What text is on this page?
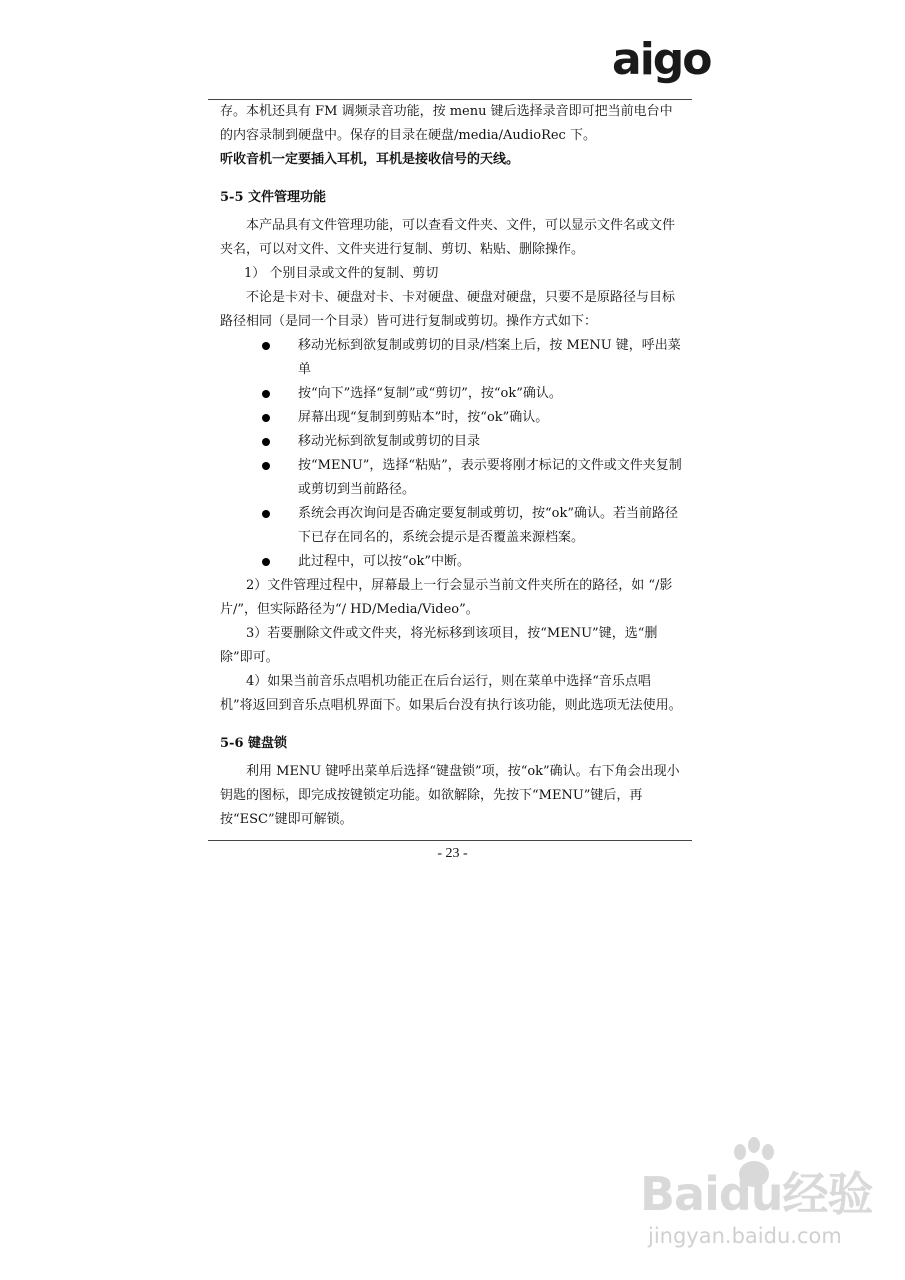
aigo

存。本机还具有 FM 调频录音功能，按 menu 键后选择录音即可把当前电台中的内容录制到硬盘中。保存的目录在硬盘/media/AudioRec 下。

听收音机一定要插入耳机，耳机是接收信号的天线。

5-5 文件管理功能

本产品具有文件管理功能，可以查看文件夹、文件，可以显示文件名或文件夹名，可以对文件、文件夹进行复制、剪切、粘贴、删除操作。

1） 个别目录或文件的复制、剪切

不论是卡对卡、硬盘对卡、卡对硬盘、硬盘对硬盘，只要不是原路径与目标路径相同（是同一个目录）皆可进行复制或剪切。操作方式如下：

移动光标到欲复制或剪切的目录/档案上后，按 MENU 键，呼出菜单
按“向下”选择“复制”或“剪切”，按“ok”确认。
屏幕出现“复制到剪贴本”时，按“ok”确认。
移动光标到欲复制或剪切的目录
按“MENU”，选择“粘贴”，表示要将刚才标记的文件或文件夹复制或剪切到当前路径。
系统会再次询问是否确定要复制或剪切，按“ok”确认。若当前路径下已存在同名的，系统会提示是否覆盖来源档案。
此过程中，可以按“ok”中断。

2）文件管理过程中，屏幕最上一行会显示当前文件夹所在的路径，如 “/影片/”，但实际路径为“/ HD/Media/Video”。

3）若要删除文件或文件夹，将光标移到该项目，按“MENU”键，选“删除”即可。

4）如果当前音乐点唱机功能正在后台运行，则在菜单中选择“音乐点唱机”将返回到音乐点唱机界面下。如果后台没有执行该功能，则此选项无法使用。

5-6 键盘锁

利用 MENU 键呼出菜单后选择“键盘锁”项，按“ok”确认。右下角会出现小钥匙的图标，即完成按键锁定功能。如欲解除，先按下“MENU”键后，再按“ESC”键即可解锁。

- 23 -
Baidu经验
jingyan.baidu.com
